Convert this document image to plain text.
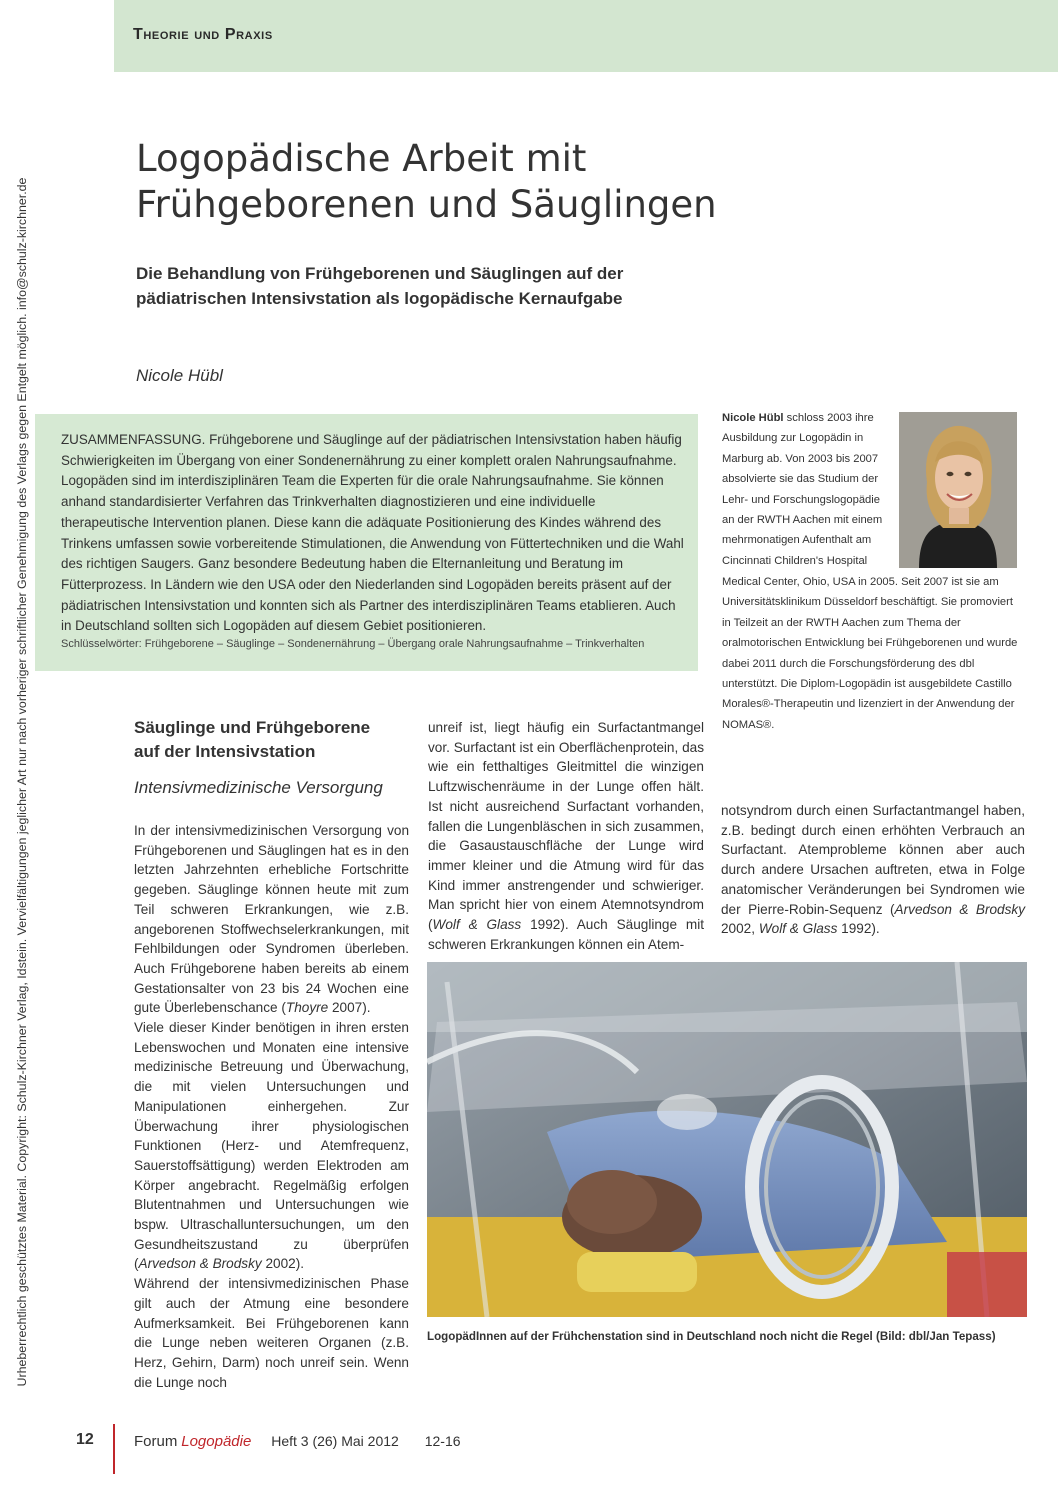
Theorie und Praxis
Urheberrechtlich geschütztes Material. Copyright: Schulz-Kirchner Verlag, Idstein. Vervielfältigungen jeglicher Art nur nach vorheriger schriftlicher Genehmigung des Verlags gegen Entgelt möglich. info@schulz-kirchner.de
Logopädische Arbeit mit
Frühgeborenen und Säuglingen
Die Behandlung von Frühgeborenen und Säuglingen auf der
pädiatrischen Intensivstation als logopädische Kernaufgabe
Nicole Hübl
ZUSAMMENFASSUNG. Frühgeborene und Säuglinge auf der pädiatrischen Intensivstation haben häufig Schwierigkeiten im Übergang von einer Sondenernährung zu einer komplett oralen Nahrungsaufnahme. Logopäden sind im interdisziplinären Team die Experten für die orale Nahrungsaufnahme. Sie können anhand standardisierter Verfahren das Trinkverhalten diagnostizieren und eine individuelle therapeutische Intervention planen. Diese kann die adäquate Positionierung des Kindes während des Trinkens umfassen sowie vorbereitende Stimulationen, die Anwendung von Füttertechniken und die Wahl des richtigen Saugers. Ganz besondere Bedeutung haben die Elternanleitung und Beratung im Fütterprozess. In Ländern wie den USA oder den Niederlanden sind Logopäden bereits präsent auf der pädiatrischen Intensivstation und konnten sich als Partner des interdisziplinären Teams etablieren. Auch in Deutschland sollten sich Logopäden auf diesem Gebiet positionieren.
Schlüsselwörter: Frühgeborene – Säuglinge – Sondenernährung – Übergang orale Nahrungsaufnahme – Trinkverhalten
Nicole Hübl schloss 2003 ihre Ausbildung zur Logopädin in Marburg ab. Von 2003 bis 2007 absolvierte sie das Studium der Lehr- und Forschungslogopädie an der RWTH Aachen mit einem mehrmonatigen Aufenthalt am Cincinnati Children's Hospital
Medical Center, Ohio, USA in 2005. Seit 2007 ist sie am Universitätsklinikum Düsseldorf beschäftigt. Sie promoviert in Teilzeit an der RWTH Aachen zum Thema der oralmotorischen Entwicklung bei Frühgeborenen und wurde dabei 2011 durch die Forschungsförderung des dbl unterstützt. Die Diplom-Logopädin ist ausgebildete Castillo Morales®-Therapeutin und lizenziert in der Anwendung der NOMAS®.
Säuglinge und Frühgeborene
auf der Intensivstation
Intensivmedizinische Versorgung

In der intensivmedizinischen Versorgung von Frühgeborenen und Säuglingen hat es in den letzten Jahrzehnten erhebliche Fortschritte gegeben. Säuglinge können heute mit zum Teil schweren Erkrankungen, wie z.B. angeborenen Stoffwechselerkrankungen, mit Fehlbildungen oder Syndromen überleben. Auch Frühgeborene haben bereits ab einem Gestationsalter von 23 bis 24 Wochen eine gute Überlebenschance (Thoyre 2007).

Viele dieser Kinder benötigen in ihren ersten Lebenswochen und Monaten eine intensive medizinische Betreuung und Überwachung, die mit vielen Untersuchungen und Manipulationen einhergehen. Zur Überwachung ihrer physiologischen Funktionen (Herz- und Atemfrequenz, Sauerstoffsättigung) werden Elektroden am Körper angebracht. Regelmäßig erfolgen Blutentnahmen und Untersuchungen wie bspw. Ultraschalluntersuchungen, um den Gesundheitszustand zu überprüfen (Arvedson & Brodsky 2002).

Während der intensivmedizinischen Phase gilt auch der Atmung eine besondere Aufmerksamkeit. Bei Frühgeborenen kann die Lunge neben weiteren Organen (z.B. Herz, Gehirn, Darm) noch unreif sein. Wenn die Lunge noch

unreif ist, liegt häufig ein Surfactantmangel vor. Surfactant ist ein Oberflächenprotein, das wie ein fetthaltiges Gleitmittel die winzigen Luftzwischenräume in der Lunge offen hält. Ist nicht ausreichend Surfactant vorhanden, fallen die Lungenbläschen in sich zusammen, die Gasaustauschfläche der Lunge wird immer kleiner und die Atmung wird für das Kind immer anstrengender und schwieriger. Man spricht hier von einem Atemnotsyndrom (Wolf & Glass 1992). Auch Säuglinge mit schweren Erkrankungen können ein Atem-

notsyndrom durch einen Surfactantmangel haben, z.B. bedingt durch einen erhöhten Verbrauch an Surfactant. Atemprobleme können aber auch durch andere Ursachen auftreten, etwa in Folge anatomischer Veränderungen bei Syndromen wie der Pierre-Robin-Sequenz (Arvedson & Brodsky 2002, Wolf & Glass 1992).

LogopädInnen auf der Frühchenstation sind in Deutschland noch nicht die Regel (Bild: dbl/Jan Tepass)
12	Forum Logopädie Heft 3 (26) Mai 2012 12-16
